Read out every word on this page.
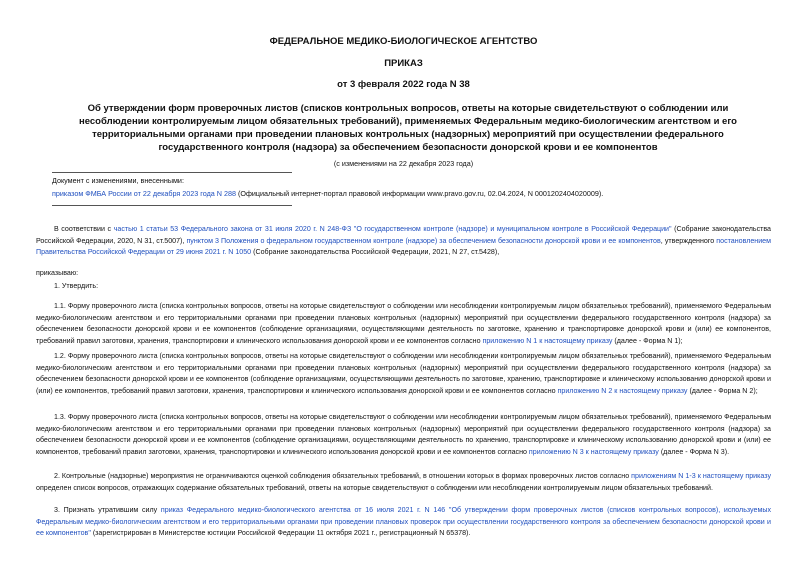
ФЕДЕРАЛЬНОЕ МЕДИКО-БИОЛОГИЧЕСКОЕ АГЕНТСТВО
ПРИКАЗ
от 3 февраля 2022 года N 38
Об утверждении форм проверочных листов (списков контрольных вопросов, ответы на которые свидетельствуют о соблюдении или несоблюдении контролируемым лицом обязательных требований), применяемых Федеральным медико-биологическим агентством и его территориальными органами при проведении плановых контрольных (надзорных) мероприятий при осуществлении федерального государственного контроля (надзора) за обеспечением безопасности донорской крови и ее компонентов
(с изменениями на 22 декабря 2023 года)
Документ с изменениями, внесенными:
приказом ФМБА России от 22 декабря 2023 года N 288 (Официальный интернет-портал правовой информации www.pravo.gov.ru, 02.04.2024, N 0001202404020009).
В соответствии с частью 1 статьи 53 Федерального закона от 31 июля 2020 г. N 248-ФЗ "О государственном контроле (надзоре) и муниципальном контроле в Российской Федерации" (Собрание законодательства Российской Федерации, 2020, N 31, ст.5007), пунктом 3 Положения о федеральном государственном контроле (надзоре) за обеспечением безопасности донорской крови и ее компонентов, утвержденного постановлением Правительства Российской Федерации от 29 июня 2021 г. N 1050 (Собрание законодательства Российской Федерации, 2021, N 27, ст.5428),
приказываю:
1. Утвердить:
1.1. Форму проверочного листа (списка контрольных вопросов, ответы на которые свидетельствуют о соблюдении или несоблюдении контролируемым лицом обязательных требований), применяемого Федеральным медико-биологическим агентством и его территориальными органами при проведении плановых контрольных (надзорных) мероприятий при осуществлении федерального государственного контроля (надзора) за обеспечением безопасности донорской крови и ее компонентов (соблюдение организациями, осуществляющими деятельность по заготовке, хранению и транспортировке донорской крови и (или) ее компонентов, требований правил заготовки, хранения, транспортировки и клинического использования донорской крови и ее компонентов согласно приложению N 1 к настоящему приказу (далее - Форма N 1);
1.2. Форму проверочного листа (списка контрольных вопросов, ответы на которые свидетельствуют о соблюдении или несоблюдении контролируемым лицом обязательных требований), применяемого Федеральным медико-биологическим агентством и его территориальными органами при проведении плановых контрольных (надзорных) мероприятий при осуществлении федерального государственного контроля (надзора) за обеспечением безопасности донорской крови и ее компонентов (соблюдение организациями, осуществляющими деятельность по заготовке, хранению, транспортировке и клиническому использованию донорской крови и (или) ее компонентов, требований правил заготовки, хранения, транспортировки и клинического использования донорской крови и ее компонентов согласно приложению N 2 к настоящему приказу (далее - Форма N 2);
1.3. Форму проверочного листа (списка контрольных вопросов, ответы на которые свидетельствуют о соблюдении или несоблюдении контролируемым лицом обязательных требований), применяемого Федеральным медико-биологическим агентством и его территориальными органами при проведении плановых контрольных (надзорных) мероприятий при осуществлении федерального государственного контроля (надзора) за обеспечением безопасности донорской крови и ее компонентов (соблюдение организациями, осуществляющими деятельность по хранению, транспортировке и клиническому использованию донорской крови и (или) ее компонентов, требований правил заготовки, хранения, транспортировки и клинического использования донорской крови и ее компонентов согласно приложению N 3 к настоящему приказу (далее - Форма N 3).
2. Контрольные (надзорные) мероприятия не ограничиваются оценкой соблюдения обязательных требований, в отношении которых в формах проверочных листов согласно приложениям N 1-3 к настоящему приказу определен список вопросов, отражающих содержание обязательных требований, ответы на которые свидетельствуют о соблюдении или несоблюдении контролируемым лицом обязательных требований.
3. Признать утратившим силу приказ Федерального медико-биологического агентства от 16 июля 2021 г. N 146 "Об утверждении форм проверочных листов (списков контрольных вопросов), используемых Федеральным медико-биологическим агентством и его территориальными органами при проведении плановых проверок при осуществлении государственного контроля за обеспечением безопасности донорской крови и ее компонентов" (зарегистрирован в Министерстве юстиции Российской Федерации 11 октября 2021 г., регистрационный N 65378).
